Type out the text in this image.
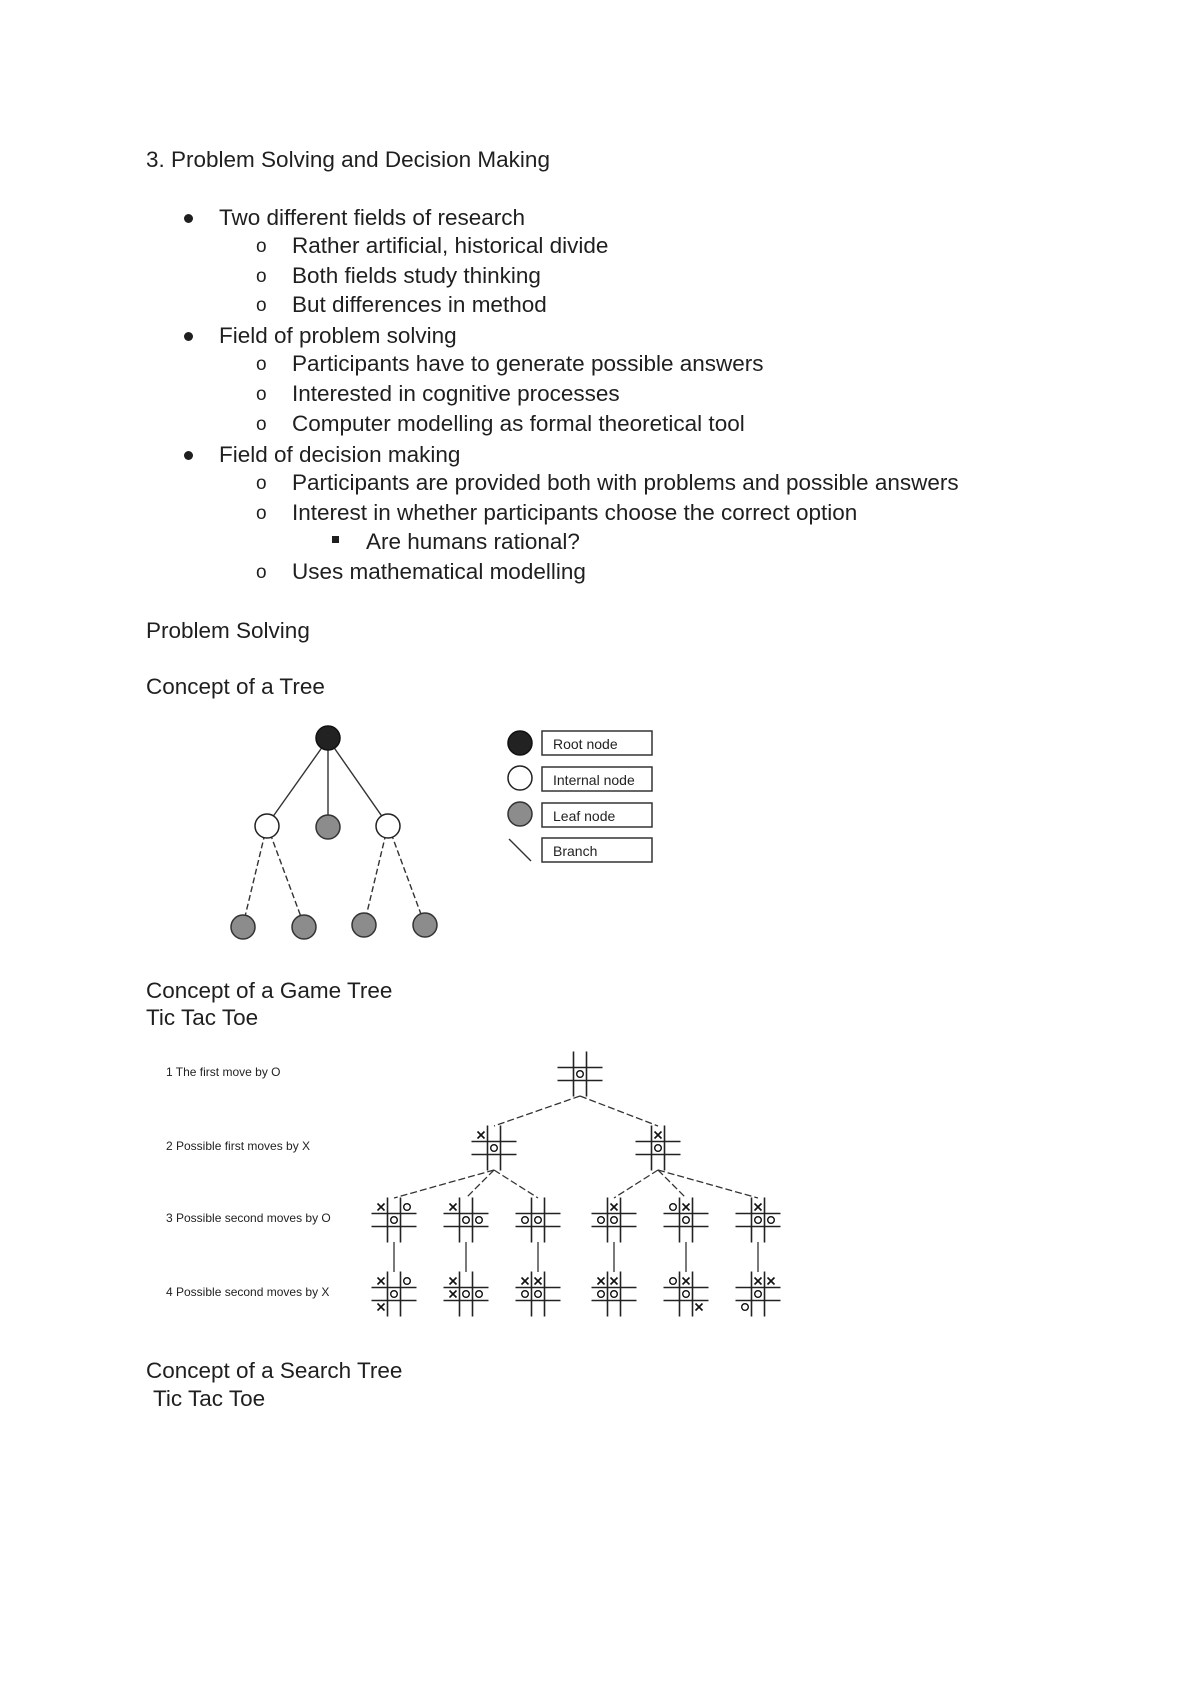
3. Problem Solving and Decision Making
Two different fields of research
o Rather artificial, historical divide
o Both fields study thinking
o But differences in method
Field of problem solving
o Participants have to generate possible answers
o Interested in cognitive processes
o Computer modelling as formal theoretical tool
Field of decision making
o Participants are provided both with problems and possible answers
o Interest in whether participants choose the correct option
Are humans rational?
o Uses mathematical modelling
Problem Solving
Concept of a Tree
Root node
Internal node
Leaf node
Branch
Concept of a Game Tree
Tic Tac Toe
1 The first move by O
2 Possible first moves by X
3 Possible second moves by O
4 Possible second moves by X
Concept of a Search Tree
Tic Tac Toe
